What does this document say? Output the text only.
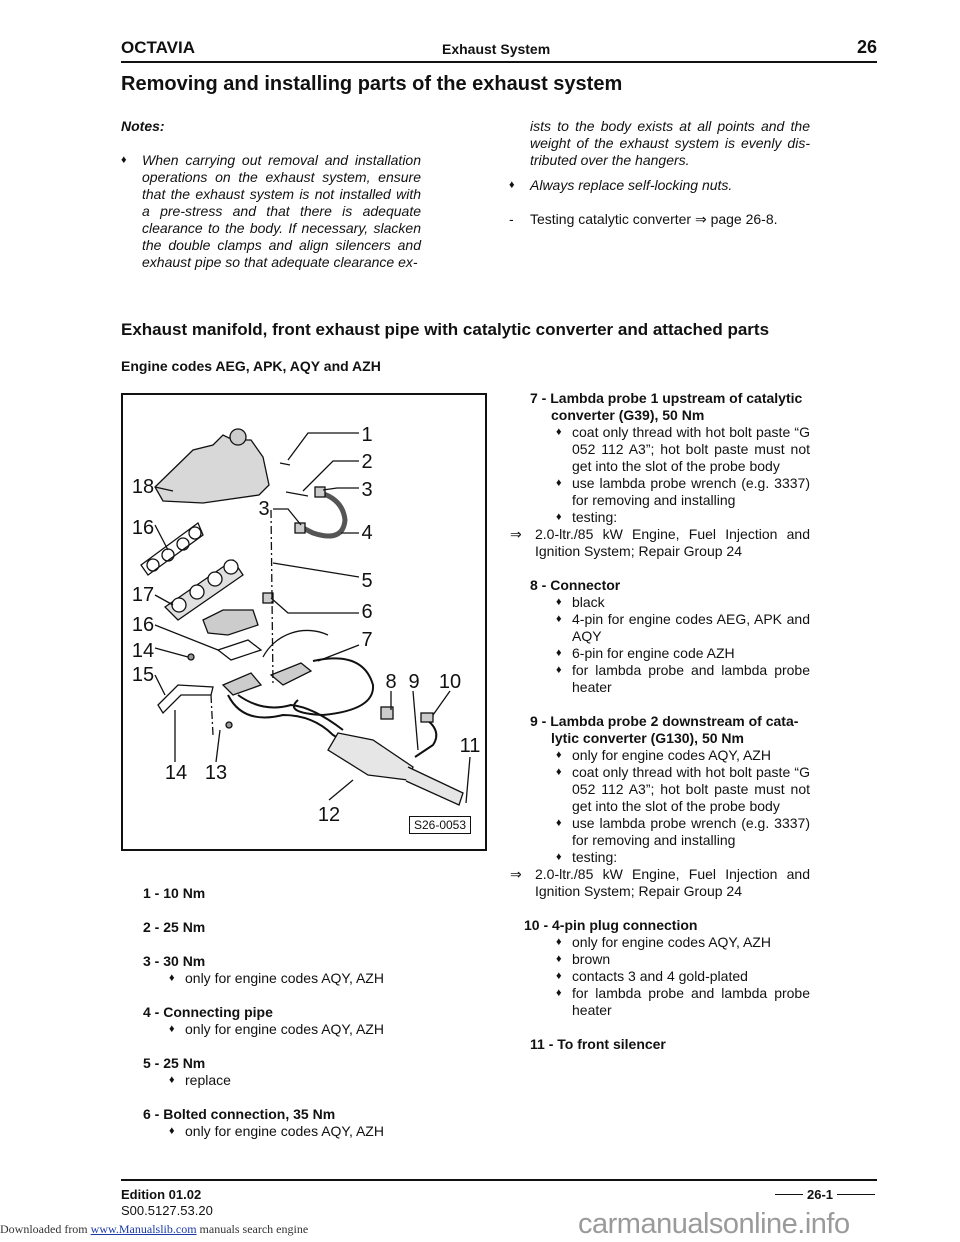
OCTAVIA	Exhaust System	26
Removing and installing parts of the exhaust system
Notes:
♦ When carrying out removal and installation operations on the exhaust system, ensure that the exhaust system is not installed with a pre-stress and that there is adequate clearance to the body. If necessary, slacken the double clamps and align silencers and exhaust pipe so that adequate clearance ex-
ists to the body exists at all points and the weight of the exhaust system is evenly distributed over the hangers.
♦ Always replace self-locking nuts.
- Testing catalytic converter ⇒ page 26-8.
Exhaust manifold, front exhaust pipe with catalytic converter and attached parts
Engine codes AEG, APK, AQY and AZH
1
2
3
3
4
5
6
7
8 9 10
11
12
13
14
14
15
16
16
17
18
S26-0053
1 - 10 Nm
2 - 25 Nm
3 - 30 Nm
♦ only for engine codes AQY, AZH
4 - Connecting pipe
♦ only for engine codes AQY, AZH
5 - 25 Nm
♦ replace
6 - Bolted connection, 35 Nm
♦ only for engine codes AQY, AZH
7 - Lambda probe 1 upstream of catalytic converter (G39), 50 Nm
♦ coat only thread with hot bolt paste “G 052 112 A3”; hot bolt paste must not get into the slot of the probe body
♦ use lambda probe wrench (e.g. 3337) for removing and installing
♦ testing:
⇒ 2.0-ltr./85 kW Engine, Fuel Injection and Ignition System; Repair Group 24
8 - Connector
♦ black
♦ 4-pin for engine codes AEG, APK and AQY
♦ 6-pin for engine code AZH
♦ for lambda probe and lambda probe heater
9 - Lambda probe 2 downstream of catalytic converter (G130), 50 Nm
♦ only for engine codes AQY, AZH
♦ coat only thread with hot bolt paste “G 052 112 A3”; hot bolt paste must not get into the slot of the probe body
♦ use lambda probe wrench (e.g. 3337) for removing and installing
♦ testing:
⇒ 2.0-ltr./85 kW Engine, Fuel Injection and Ignition System; Repair Group 24
10 - 4-pin plug connection
♦ only for engine codes AQY, AZH
♦ brown
♦ contacts 3 and 4 gold-plated
♦ for lambda probe and lambda probe heater
11 - To front silencer
Edition 01.02
S00.5127.53.20
26-1
Downloaded from www.Manualslib.com manuals search engine	carmanualsonline.info
